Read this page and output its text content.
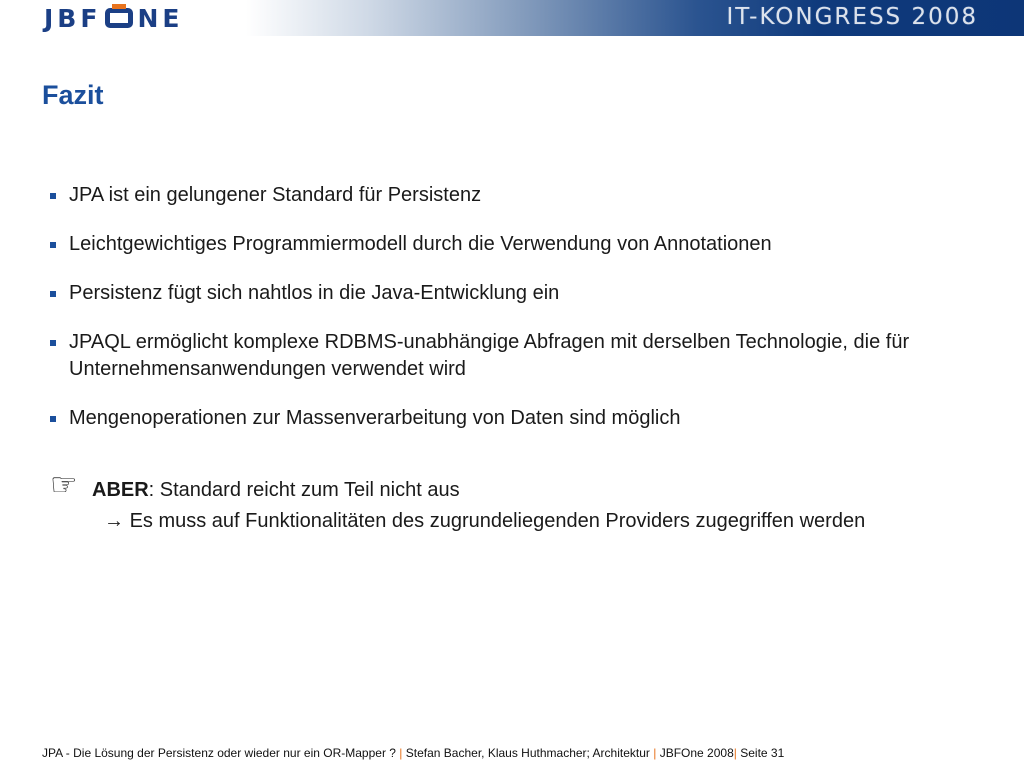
JBF NE	IT-KONGRESS 2008
Fazit
JPA ist ein gelungener Standard für Persistenz
Leichtgewichtiges Programmiermodell durch die Verwendung von Annotationen
Persistenz fügt sich nahtlos in die Java-Entwicklung ein
JPAQL ermöglicht komplexe RDBMS-unabhängige Abfragen mit derselben Technologie, die für Unternehmensanwendungen verwendet wird
Mengenoperationen zur Massenverarbeitung von Daten sind möglich
☞ ABER: Standard reicht zum Teil nicht aus
→ Es muss auf Funktionalitäten des zugrundeliegenden Providers zugegriffen werden
JPA - Die Lösung der Persistenz oder wieder nur ein OR-Mapper ? | Stefan Bacher, Klaus Huthmacher; Architektur | JBFOne 2008| Seite 31
